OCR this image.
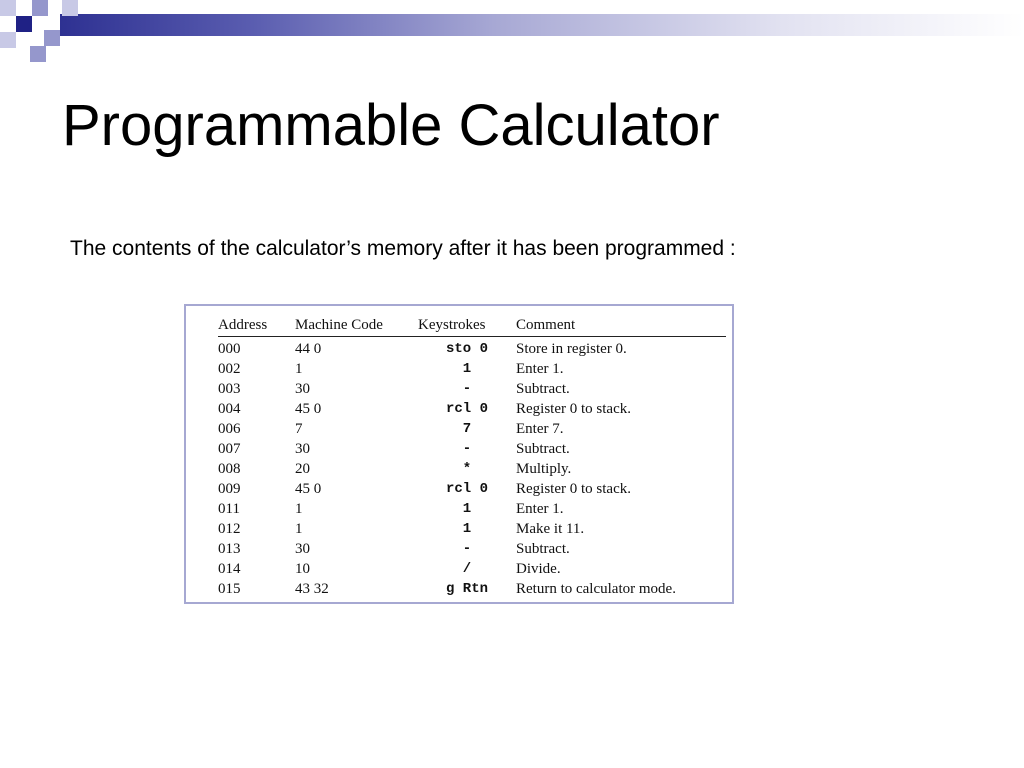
Programmable Calculator

The contents of the calculator’s memory after it has been programmed :

Address	Machine Code	Keystrokes	Comment
000	44 0	sto 0	Store in register 0.
002	1	1	Enter 1.
003	30	-	Subtract.
004	45 0	rcl 0	Register 0 to stack.
006	7	7	Enter 7.
007	30	-	Subtract.
008	20	*	Multiply.
009	45 0	rcl 0	Register 0 to stack.
011	1	1	Enter 1.
012	1	1	Make it 11.
013	30	-	Subtract.
014	10	/	Divide.
015	43 32	g Rtn	Return to calculator mode.
